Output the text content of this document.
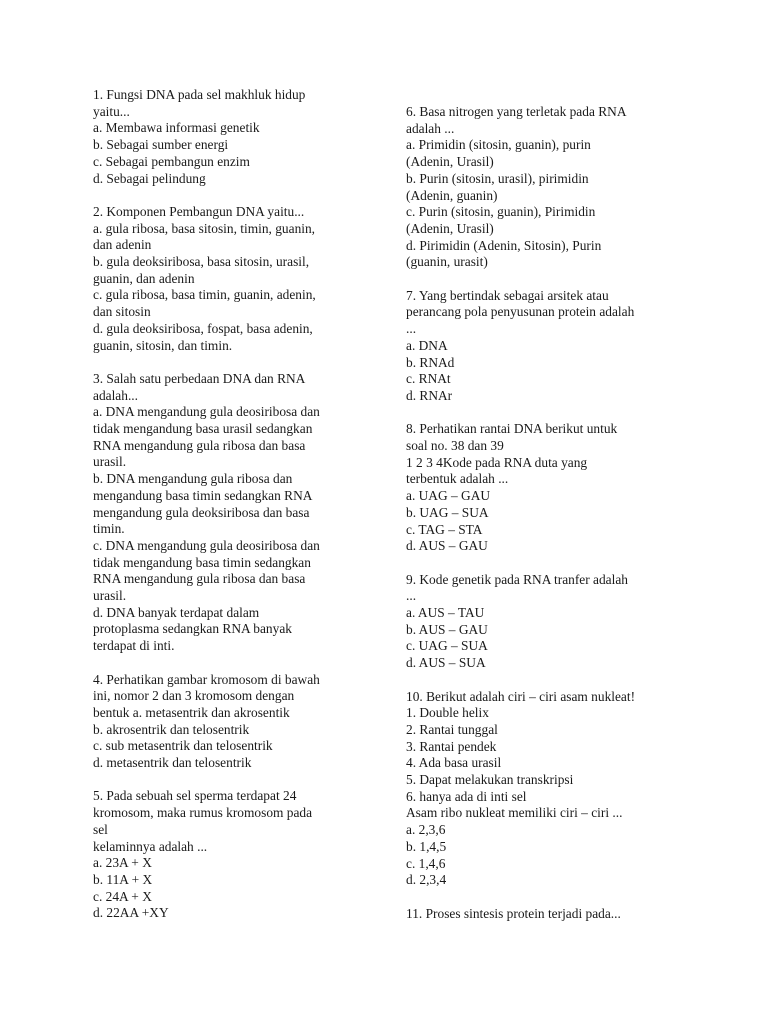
1. Fungsi DNA pada sel makhluk hidup
yaitu...
a. Membawa informasi genetik
b. Sebagai sumber energi
c. Sebagai pembangun enzim
d. Sebagai pelindung
2. Komponen Pembangun DNA yaitu...
a. gula ribosa, basa sitosin, timin, guanin,
dan adenin
b. gula deoksiribosa, basa sitosin, urasil,
guanin, dan adenin
c. gula ribosa, basa timin, guanin, adenin,
dan sitosin
d. gula deoksiribosa, fospat, basa adenin,
guanin, sitosin, dan timin.
3. Salah satu perbedaan DNA dan RNA
adalah...
a. DNA mengandung gula deosiribosa dan
tidak mengandung basa urasil sedangkan
RNA mengandung gula ribosa dan basa
urasil.
b. DNA mengandung gula ribosa dan
mengandung basa timin sedangkan RNA
mengandung gula deoksiribosa dan basa
timin.
c. DNA mengandung gula deosiribosa dan
tidak mengandung basa timin sedangkan
RNA mengandung gula ribosa dan basa
urasil.
d. DNA banyak terdapat dalam
protoplasma sedangkan RNA banyak
terdapat di inti.
4. Perhatikan gambar kromosom di bawah
ini, nomor 2 dan 3 kromosom dengan
bentuk a. metasentrik dan akrosentik
b. akrosentrik dan telosentrik
c. sub metasentrik dan telosentrik
d. metasentrik dan telosentrik
5. Pada sebuah sel sperma terdapat 24
kromosom, maka rumus kromosom pada
sel
kelaminnya adalah ...
a. 23A + X
b. 11A + X
c. 24A + X
d. 22AA +XY
6. Basa nitrogen yang terletak pada RNA
adalah ...
a. Primidin (sitosin, guanin), purin
(Adenin, Urasil)
b. Purin (sitosin, urasil), pirimidin
(Adenin, guanin)
c. Purin (sitosin, guanin), Pirimidin
(Adenin, Urasil)
d. Pirimidin (Adenin, Sitosin), Purin
(guanin, urasit)
7. Yang bertindak sebagai arsitek atau
perancang pola penyusunan protein adalah
...
a. DNA
b. RNAd
c. RNAt
d. RNAr
8. Perhatikan rantai DNA berikut untuk
soal no. 38 dan 39
1 2 3 4Kode pada RNA duta yang
terbentuk adalah ...
a. UAG – GAU
b. UAG – SUA
c. TAG – STA
d. AUS – GAU
9. Kode genetik pada RNA tranfer adalah
...
a. AUS – TAU
b. AUS – GAU
c. UAG – SUA
d. AUS – SUA
10. Berikut adalah ciri – ciri asam nukleat!
1. Double helix
2. Rantai tunggal
3. Rantai pendek
4. Ada basa urasil
5. Dapat melakukan transkripsi
6. hanya ada di inti sel
Asam ribo nukleat memiliki ciri – ciri ...
a. 2,3,6
b. 1,4,5
c. 1,4,6
d. 2,3,4
11. Proses sintesis protein terjadi pada...
